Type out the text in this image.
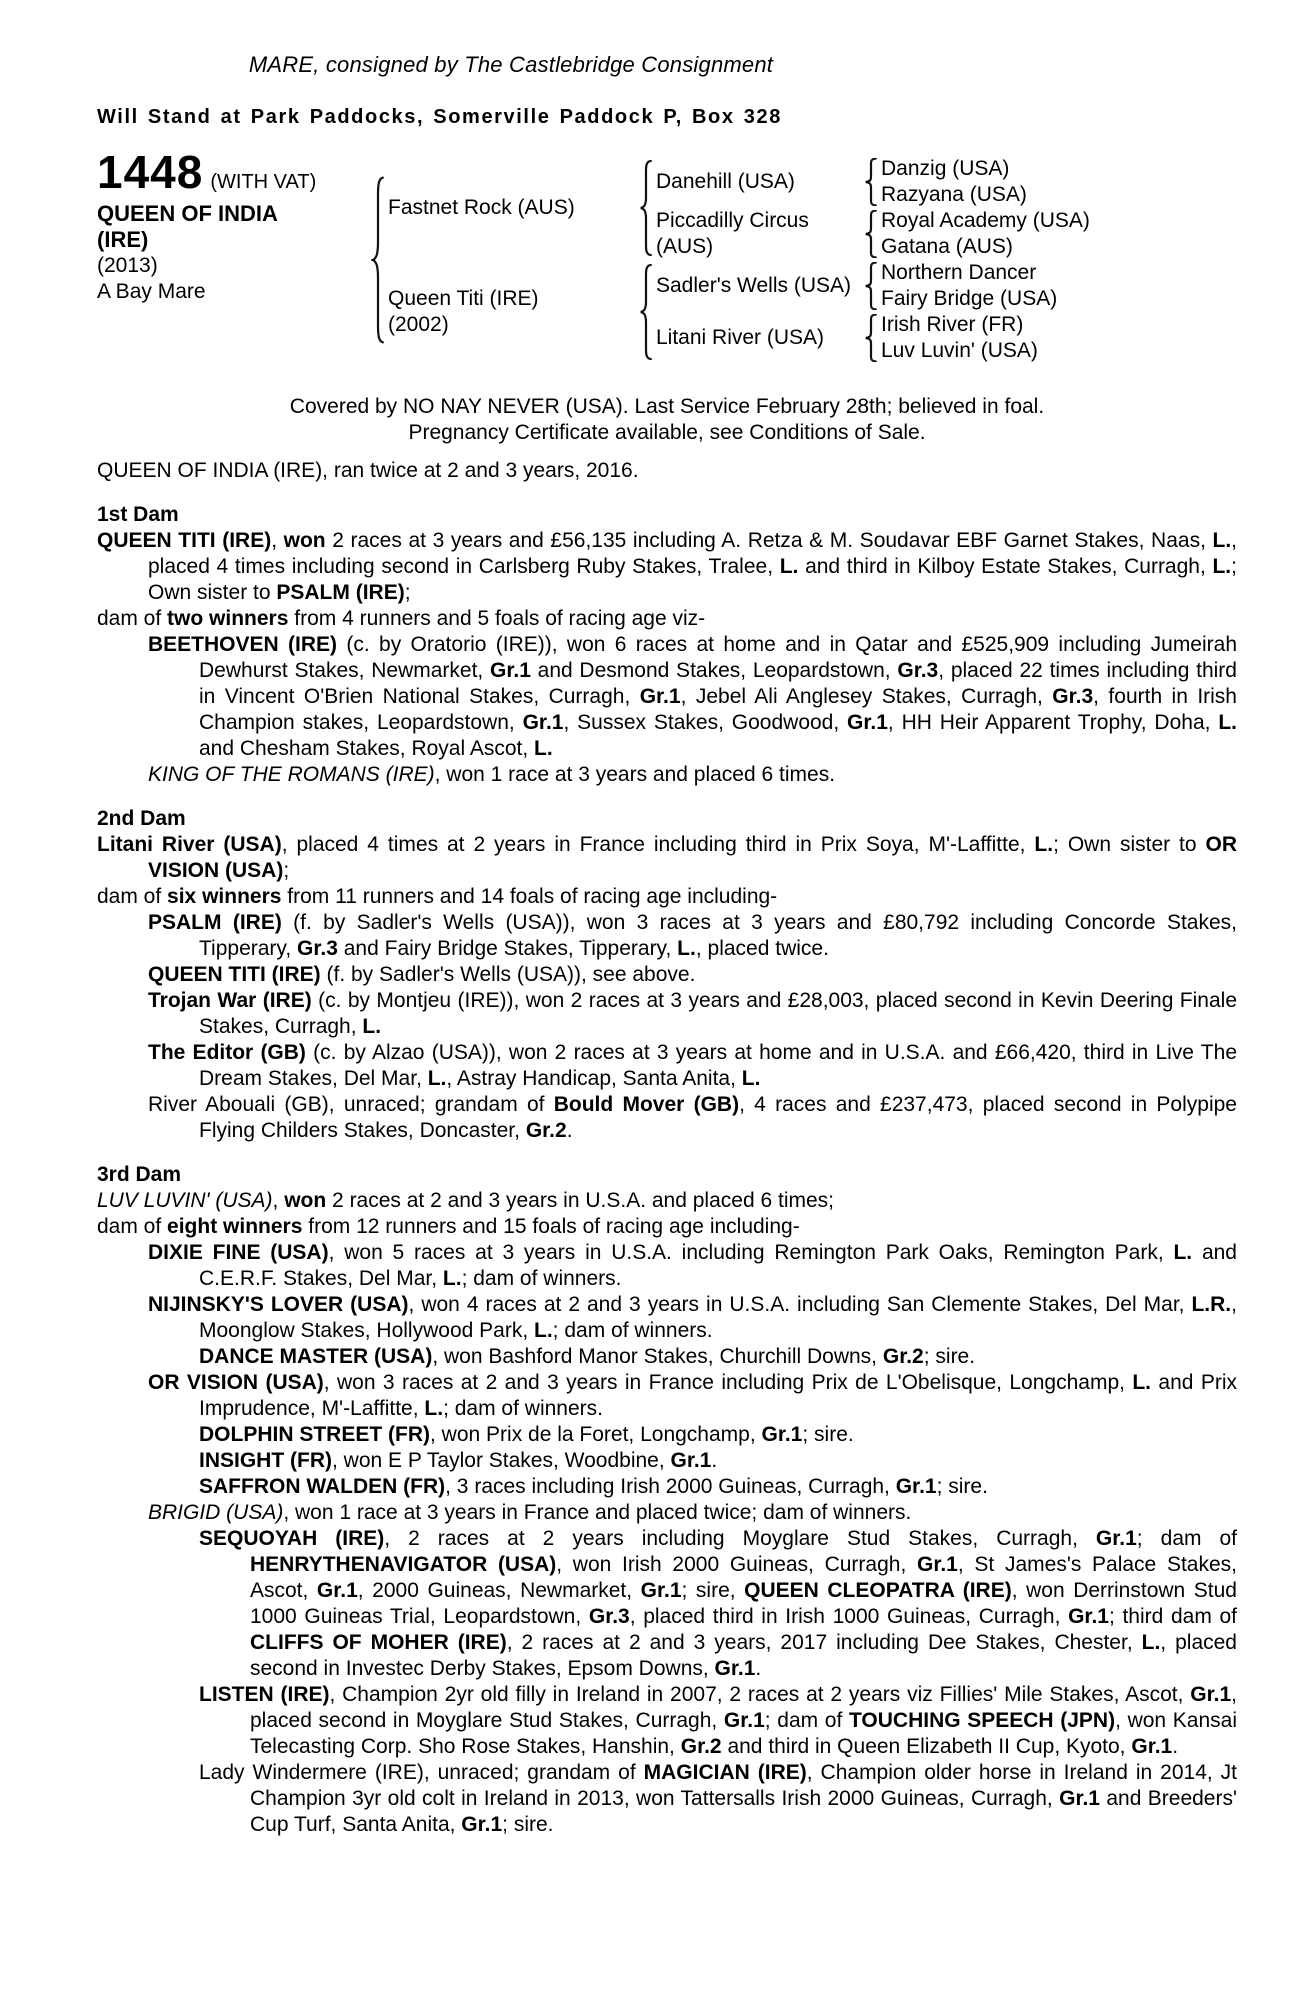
MARE, consigned by The Castlebridge Consignment
Will Stand at Park Paddocks, Somerville Paddock P, Box 328
1448 (WITH VAT)
QUEEN OF INDIA (IRE)
(2013)
A Bay Mare
Fastnet Rock (AUS)
Danehill (USA)
Danzig (USA)
Razyana (USA)
Piccadilly Circus (AUS)
Royal Academy (USA)
Gatana (AUS)
Queen Titi (IRE)
(2002)
Sadler's Wells (USA)
Northern Dancer
Fairy Bridge (USA)
Litani River (USA)
Irish River (FR)
Luv Luvin' (USA)
Covered by NO NAY NEVER (USA). Last Service February 28th; believed in foal.
Pregnancy Certificate available, see Conditions of Sale.
QUEEN OF INDIA (IRE), ran twice at 2 and 3 years, 2016.
1st Dam
QUEEN TITI (IRE), won 2 races at 3 years and £56,135 including A. Retza & M. Soudavar EBF Garnet Stakes, Naas, L., placed 4 times including second in Carlsberg Ruby Stakes, Tralee, L. and third in Kilboy Estate Stakes, Curragh, L.; Own sister to PSALM (IRE);
dam of two winners from 4 runners and 5 foals of racing age viz-
BEETHOVEN (IRE) (c. by Oratorio (IRE)), won 6 races at home and in Qatar and £525,909 including Jumeirah Dewhurst Stakes, Newmarket, Gr.1 and Desmond Stakes, Leopardstown, Gr.3, placed 22 times including third in Vincent O'Brien National Stakes, Curragh, Gr.1, Jebel Ali Anglesey Stakes, Curragh, Gr.3, fourth in Irish Champion stakes, Leopardstown, Gr.1, Sussex Stakes, Goodwood, Gr.1, HH Heir Apparent Trophy, Doha, L. and Chesham Stakes, Royal Ascot, L.
KING OF THE ROMANS (IRE), won 1 race at 3 years and placed 6 times.
2nd Dam
Litani River (USA), placed 4 times at 2 years in France including third in Prix Soya, M'-Laffitte, L.; Own sister to OR VISION (USA);
dam of six winners from 11 runners and 14 foals of racing age including-
PSALM (IRE) (f. by Sadler's Wells (USA)), won 3 races at 3 years and £80,792 including Concorde Stakes, Tipperary, Gr.3 and Fairy Bridge Stakes, Tipperary, L., placed twice.
QUEEN TITI (IRE) (f. by Sadler's Wells (USA)), see above.
Trojan War (IRE) (c. by Montjeu (IRE)), won 2 races at 3 years and £28,003, placed second in Kevin Deering Finale Stakes, Curragh, L.
The Editor (GB) (c. by Alzao (USA)), won 2 races at 3 years at home and in U.S.A. and £66,420, third in Live The Dream Stakes, Del Mar, L., Astray Handicap, Santa Anita, L.
River Abouali (GB), unraced; grandam of Bould Mover (GB), 4 races and £237,473, placed second in Polypipe Flying Childers Stakes, Doncaster, Gr.2.
3rd Dam
LUV LUVIN' (USA), won 2 races at 2 and 3 years in U.S.A. and placed 6 times;
dam of eight winners from 12 runners and 15 foals of racing age including-
DIXIE FINE (USA), won 5 races at 3 years in U.S.A. including Remington Park Oaks, Remington Park, L. and C.E.R.F. Stakes, Del Mar, L.; dam of winners.
NIJINSKY'S LOVER (USA), won 4 races at 2 and 3 years in U.S.A. including San Clemente Stakes, Del Mar, L.R., Moonglow Stakes, Hollywood Park, L.; dam of winners.
DANCE MASTER (USA), won Bashford Manor Stakes, Churchill Downs, Gr.2; sire.
OR VISION (USA), won 3 races at 2 and 3 years in France including Prix de L'Obelisque, Longchamp, L. and Prix Imprudence, M'-Laffitte, L.; dam of winners.
DOLPHIN STREET (FR), won Prix de la Foret, Longchamp, Gr.1; sire.
INSIGHT (FR), won E P Taylor Stakes, Woodbine, Gr.1.
SAFFRON WALDEN (FR), 3 races including Irish 2000 Guineas, Curragh, Gr.1; sire.
BRIGID (USA), won 1 race at 3 years in France and placed twice; dam of winners.
SEQUOYAH (IRE), 2 races at 2 years including Moyglare Stud Stakes, Curragh, Gr.1; dam of HENRYTHENAVIGATOR (USA), won Irish 2000 Guineas, Curragh, Gr.1, St James's Palace Stakes, Ascot, Gr.1, 2000 Guineas, Newmarket, Gr.1; sire, QUEEN CLEOPATRA (IRE), won Derrinstown Stud 1000 Guineas Trial, Leopardstown, Gr.3, placed third in Irish 1000 Guineas, Curragh, Gr.1; third dam of CLIFFS OF MOHER (IRE), 2 races at 2 and 3 years, 2017 including Dee Stakes, Chester, L., placed second in Investec Derby Stakes, Epsom Downs, Gr.1.
LISTEN (IRE), Champion 2yr old filly in Ireland in 2007, 2 races at 2 years viz Fillies' Mile Stakes, Ascot, Gr.1, placed second in Moyglare Stud Stakes, Curragh, Gr.1; dam of TOUCHING SPEECH (JPN), won Kansai Telecasting Corp. Sho Rose Stakes, Hanshin, Gr.2 and third in Queen Elizabeth II Cup, Kyoto, Gr.1.
Lady Windermere (IRE), unraced; grandam of MAGICIAN (IRE), Champion older horse in Ireland in 2014, Jt Champion 3yr old colt in Ireland in 2013, won Tattersalls Irish 2000 Guineas, Curragh, Gr.1 and Breeders' Cup Turf, Santa Anita, Gr.1; sire.
